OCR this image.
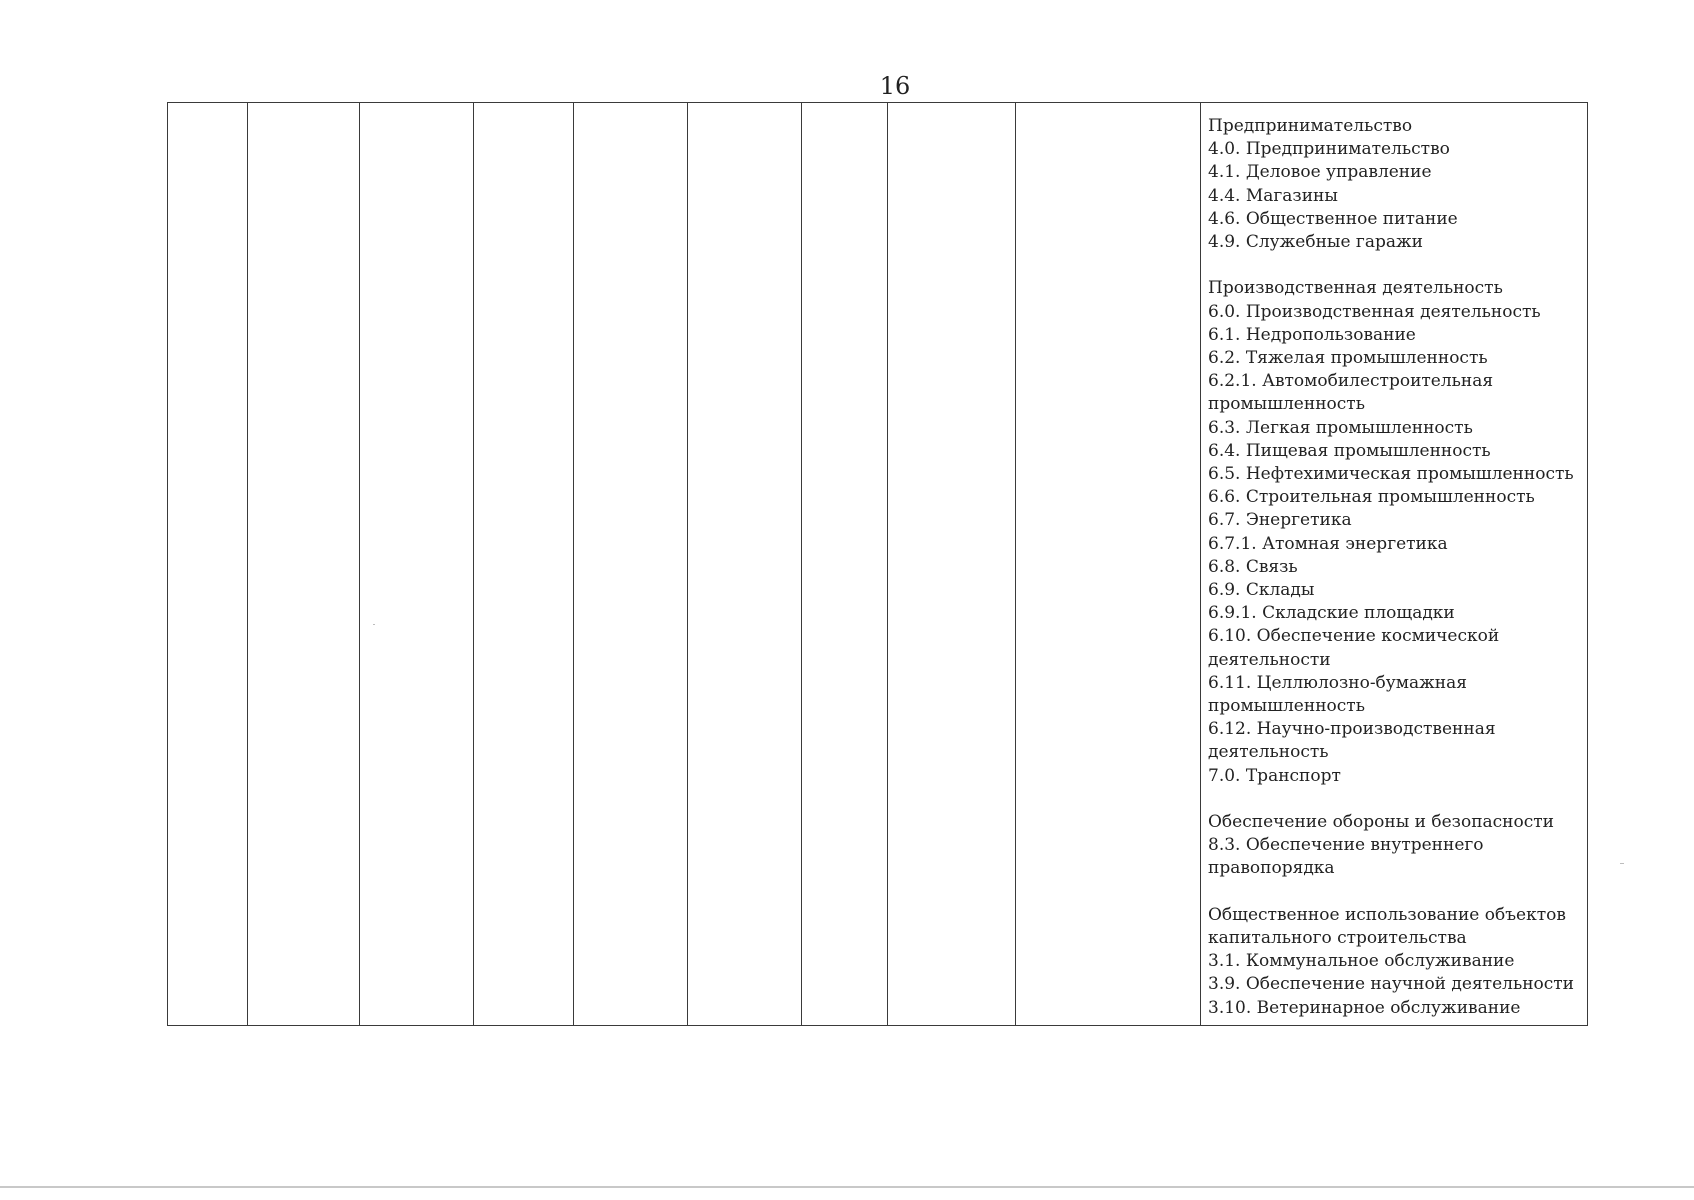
16

Предпринимательство
4.0. Предпринимательство
4.1. Деловое управление
4.4. Магазины
4.6. Общественное питание
4.9. Служебные гаражи
Производственная деятельность
6.0. Производственная деятельность
6.1. Недропользование
6.2. Тяжелая промышленность
6.2.1. Автомобилестроительная
промышленность
6.3. Легкая промышленность
6.4. Пищевая промышленность
6.5. Нефтехимическая промышленность
6.6. Строительная промышленность
6.7. Энергетика
6.7.1. Атомная энергетика
6.8. Связь
6.9. Склады
6.9.1. Складские площадки
6.10. Обеспечение космической
деятельности
6.11. Целлюлозно-бумажная
промышленность
6.12. Научно-производственная
деятельность
7.0. Транспорт
Обеспечение обороны и безопасности
8.3. Обеспечение внутреннего
правопорядка
Общественное использование объектов
капитального строительства
3.1. Коммунальное обслуживание
3.9. Обеспечение научной деятельности
3.10. Ветеринарное обслуживание
